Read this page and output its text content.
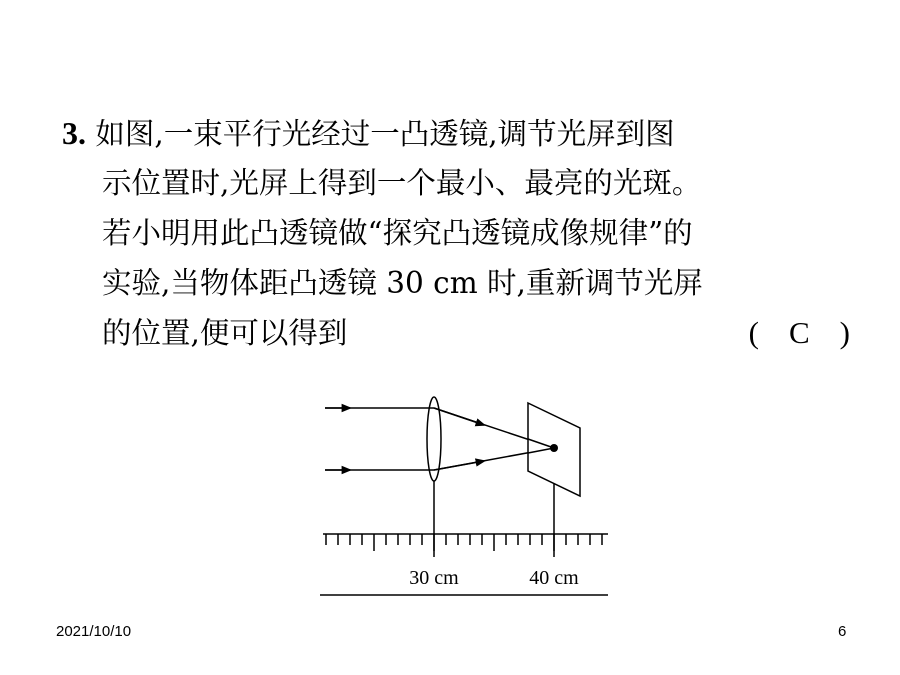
3. 如图,一束平行光经过一凸透镜,调节光屏到图
示位置时,光屏上得到一个最小、最亮的光斑。
若小明用此凸透镜做“探究凸透镜成像规律”的
实验,当物体距凸透镜 30 cm 时,重新调节光屏
的位置,便可以得到	( C )
30 cm	40 cm
2021/10/10	6
